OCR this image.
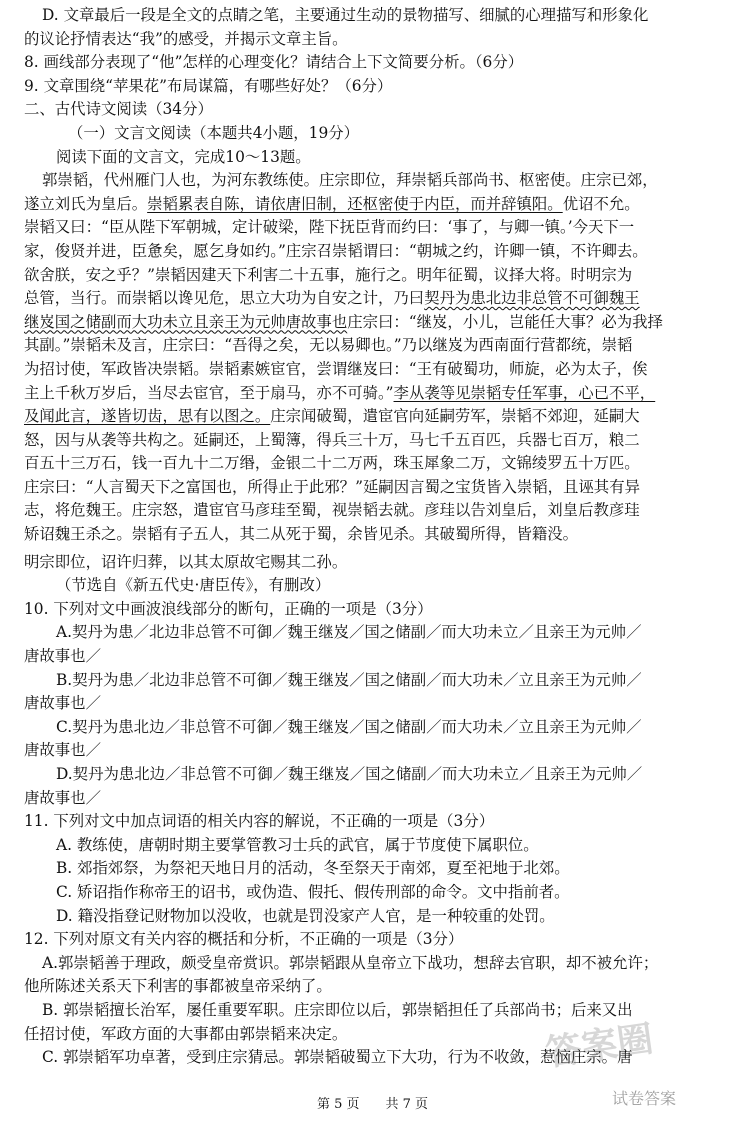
D. 文章最后一段是全文的点睛之笔，主要通过生动的景物描写、细腻的心理描写和形象化
的议论抒情表达“我”的感受，并揭示文章主旨。
8. 画线部分表现了“他”怎样的心理变化？请结合上下文简要分析。（6分）
9. 文章围绕“苹果花”布局谋篇，有哪些好处？（6分）
二、古代诗文阅读（34分）
（一）文言文阅读（本题共4小题，19分）
阅读下面的文言文，完成10～13题。
郭崇韬，代州雁门人也，为河东教练使。庄宗即位，拜崇韬兵部尚书、枢密使。庄宗已郊，
遂立刘氏为皇后。崇韬累表自陈，请依唐旧制，还枢密使于内臣，而并辞镇阳。优诏不允。
崇韬又曰：“臣从陛下军朝城，定计破梁，陛下抚臣背而约曰：‘事了，与卿一镇。’今天下一
家，俊贤并进，臣惫矣，愿乞身如约。”庄宗召崇韬谓曰：“朝城之约，许卿一镇，不许卿去。
欲舍朕，安之乎？”崇韬因建天下利害二十五事，施行之。明年征蜀，议择大将。时明宗为
总管，当行。而崇韬以谗见危，思立大功为自安之计，乃曰契丹为患北边非总管不可御魏王
继岌国之储副而大功未立且亲王为元帅唐故事也庄宗曰：“继岌，小儿，岂能任大事？必为我择
其副。”崇韬未及言，庄宗曰：“吾得之矣，无以易卿也。”乃以继岌为西南面行营都统，崇韬
为招讨使，军政皆决崇韬。崇韬素嫉宦官，尝谓继岌曰：“王有破蜀功，师旋，必为太子，俟
主上千秋万岁后，当尽去宦官，至于扇马，亦不可骑。”李从袭等见崇韬专任军事，心已不平，
及闻此言，遂皆切齿，思有以图之。庄宗闻破蜀，遣宦官向延嗣劳军，崇韬不郊迎，延嗣大
怒，因与从袭等共构之。延嗣还，上蜀簿，得兵三十万，马七千五百匹，兵器七百万，粮二
百五十三万石，钱一百九十二万缗，金银二十二万两，珠玉犀象二万，文锦绫罗五十万匹。
庄宗曰：“人言蜀天下之富国也，所得止于此邪？”延嗣因言蜀之宝货皆入崇韬，且诬其有异
志，将危魏王。庄宗怒，遣宦官马彦珪至蜀，视崇韬去就。彦珪以告刘皇后，刘皇后教彦珪
矫诏魏王杀之。崇韬有子五人，其二从死于蜀，余皆见杀。其破蜀所得，皆籍没。
明宗即位，诏许归葬，以其太原故宅赐其二孙。
（节选自《新五代史·唐臣传》，有删改）
10. 下列对文中画波浪线部分的断句，正确的一项是（3分）
A.契丹为患／北边非总管不可御／魏王继岌／国之储副／而大功未立／且亲王为元帅／
唐故事也／
B.契丹为患／北边非总管不可御／魏王继岌／国之储副／而大功未／立且亲王为元帅／
唐故事也／
C.契丹为患北边／非总管不可御／魏王继岌／国之储副／而大功未／立且亲王为元帅／
唐故事也／
D.契丹为患北边／非总管不可御／魏王继岌／国之储副／而大功未立／且亲王为元帅／
唐故事也／
11. 下列对文中加点词语的相关内容的解说，不正确的一项是（3分）
A. 教练使，唐朝时期主要掌管教习士兵的武官，属于节度使下属职位。
B. 郊指郊祭，为祭祀天地日月的活动，冬至祭天于南郊，夏至祀地于北郊。
C. 矫诏指作称帝王的诏书，或伪造、假托、假传刑部的命令。文中指前者。
D. 籍没指登记财物加以没收，也就是罚没家产人官，是一种较重的处罚。
12. 下列对原文有关内容的概括和分析，不正确的一项是（3分）
A.郭崇韬善于理政，颇受皇帝赏识。郭崇韬跟从皇帝立下战功，想辞去官职，却不被允许；
他所陈述关系天下利害的事都被皇帝采纳了。
B. 郭崇韬擅长治军，屡任重要军职。庄宗即位以后，郭崇韬担任了兵部尚书；后来又出
任招讨使，军政方面的大事都由郭崇韬来决定。
C. 郭崇韬军功卓著，受到庄宗猜忌。郭崇韬破蜀立下大功，行为不收敛，惹恼庄宗。唐
答案圈
试卷答案
第 5 页　　共 7 页
